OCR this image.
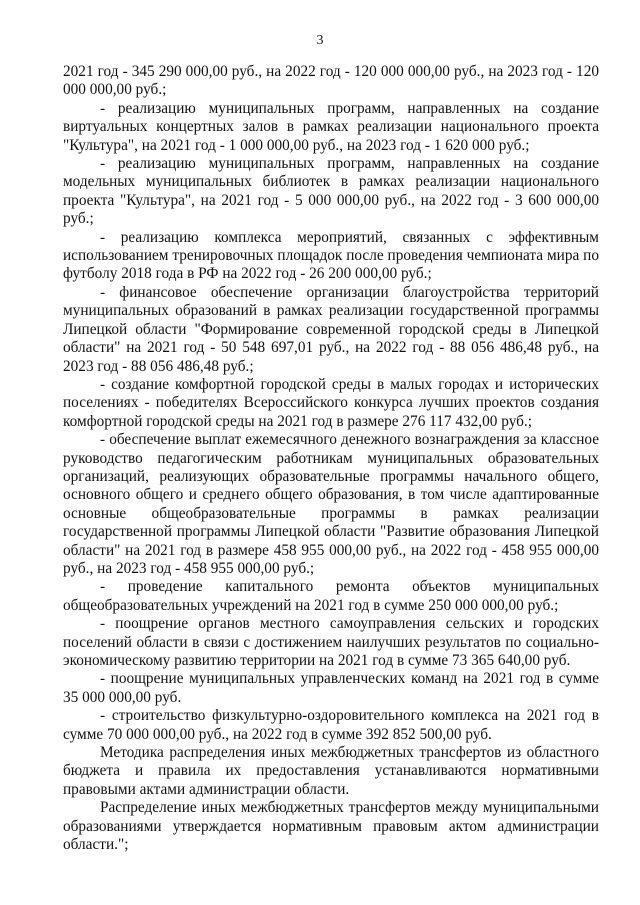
3

2021 год - 345 290 000,00 руб., на 2022 год - 120 000 000,00 руб., на 2023 год - 120 000 000,00 руб.;

- реализацию муниципальных программ, направленных на создание виртуальных концертных залов в рамках реализации национального проекта "Культура", на 2021 год - 1 000 000,00 руб., на 2023 год - 1 620 000 руб.;

- реализацию муниципальных программ, направленных на создание модельных муниципальных библиотек в рамках реализации национального проекта "Культура", на 2021 год - 5 000 000,00 руб., на 2022 год - 3 600 000,00 руб.;

- реализацию комплекса мероприятий, связанных с эффективным использованием тренировочных площадок после проведения чемпионата мира по футболу 2018 года в РФ на 2022 год - 26 200 000,00 руб.;

- финансовое обеспечение организации благоустройства территорий муниципальных образований в рамках реализации государственной программы Липецкой области "Формирование современной городской среды в Липецкой области" на 2021 год - 50 548 697,01 руб., на 2022 год - 88 056 486,48 руб., на 2023 год - 88 056 486,48 руб.;

- создание комфортной городской среды в малых городах и исторических поселениях - победителях Всероссийского конкурса лучших проектов создания комфортной городской среды на 2021 год в размере 276 117 432,00 руб.;

- обеспечение выплат ежемесячного денежного вознаграждения за классное руководство педагогическим работникам муниципальных образовательных организаций, реализующих образовательные программы начального общего, основного общего и среднего общего образования, в том числе адаптированные основные общеобразовательные программы в рамках реализации государственной программы Липецкой области "Развитие образования Липецкой области" на 2021 год в размере 458 955 000,00 руб., на 2022 год - 458 955 000,00 руб., на 2023 год - 458 955 000,00 руб.;

- проведение капитального ремонта объектов муниципальных общеобразовательных учреждений на 2021 год в сумме 250 000 000,00 руб.;

- поощрение органов местного самоуправления сельских и городских поселений области в связи с достижением наилучших результатов по социально-экономическому развитию территории на 2021 год в сумме 73 365 640,00 руб.

- поощрение муниципальных управленческих команд на 2021 год в сумме 35 000 000,00 руб.

- строительство физкультурно-оздоровительного комплекса на 2021 год в сумме 70 000 000,00 руб., на 2022 год в сумме 392 852 500,00 руб.

Методика распределения иных межбюджетных трансфертов из областного бюджета и правила их предоставления устанавливаются нормативными правовыми актами администрации области.

Распределение иных межбюджетных трансфертов между муниципальными образованиями утверждается нормативным правовым актом администрации области.";
